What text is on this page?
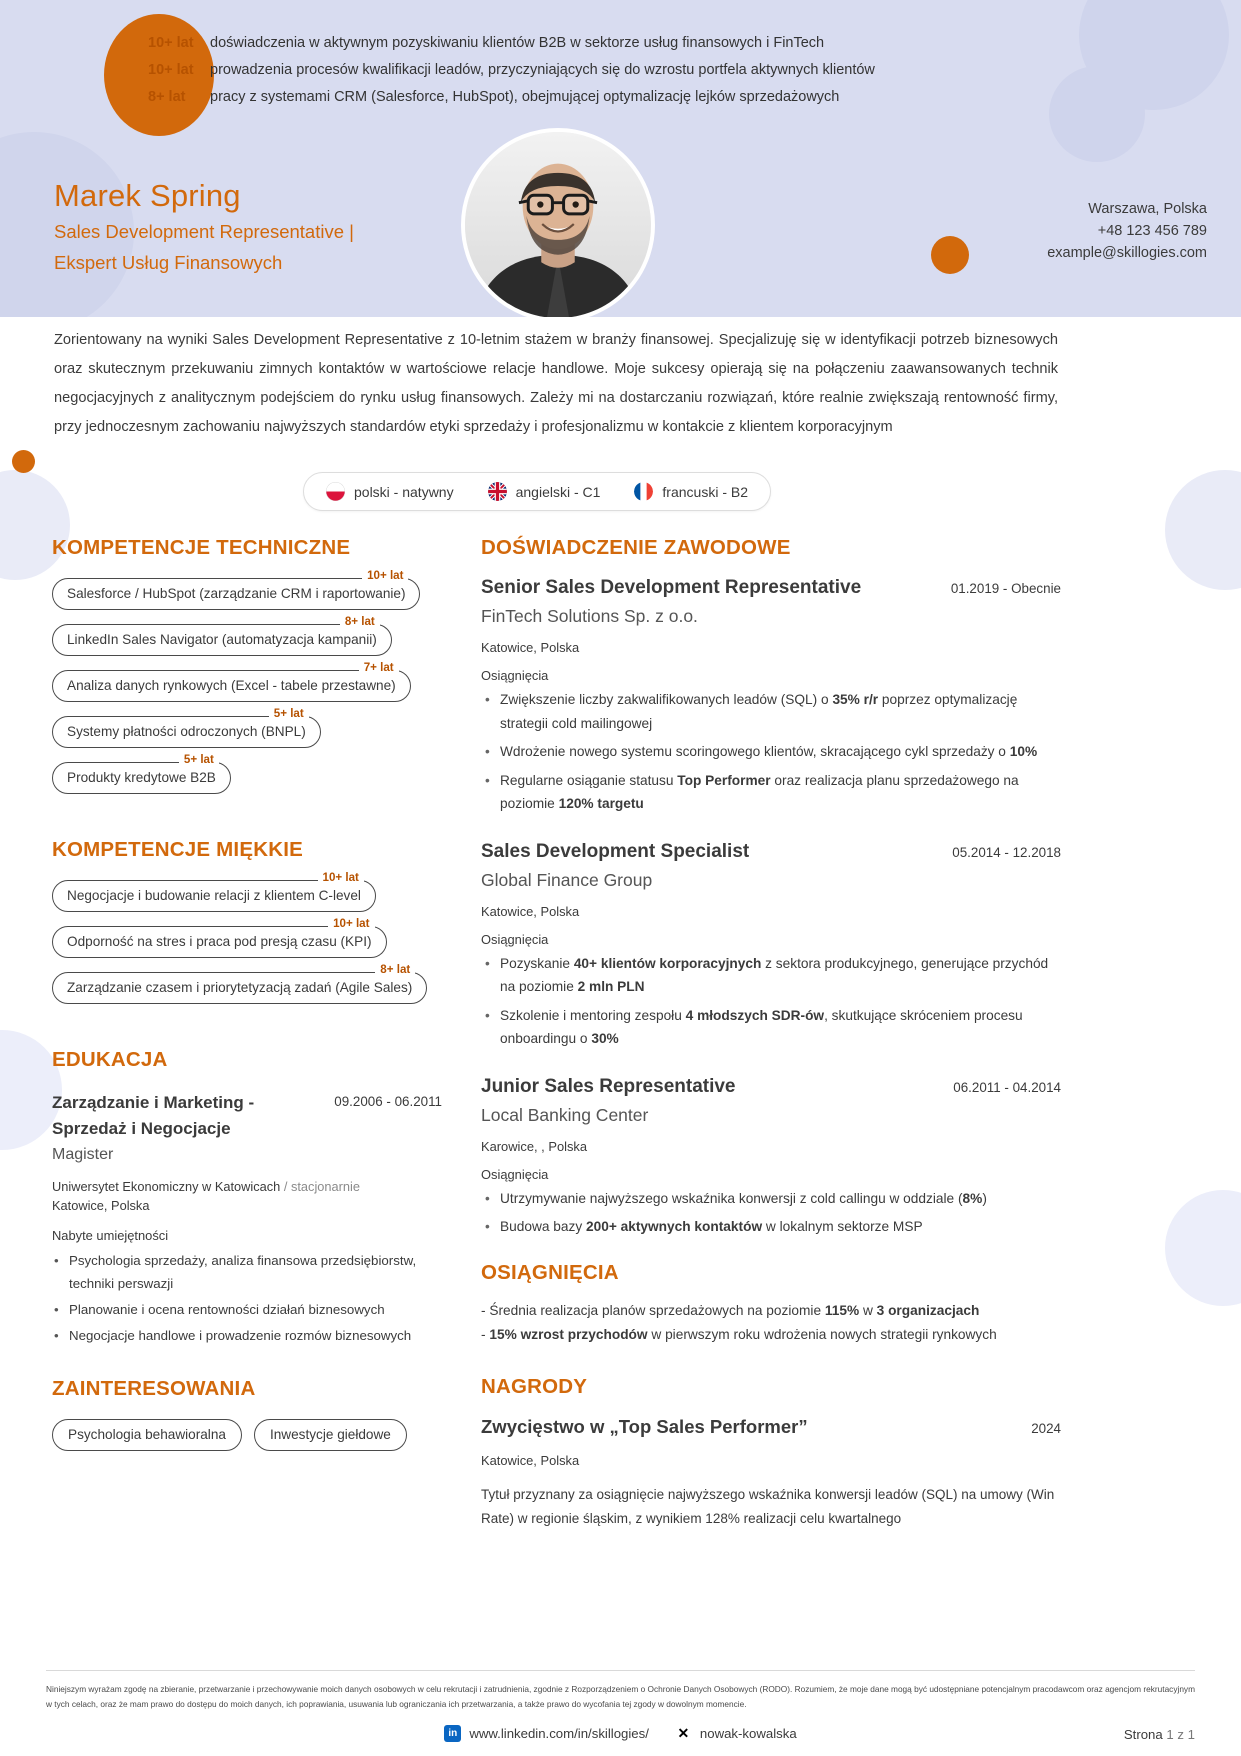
10+ lat	doświadczenia w aktywnym pozyskiwaniu klientów B2B w sektorze usług finansowych i FinTech
10+ lat	prowadzenia procesów kwalifikacji leadów, przyczyniających się do wzrostu portfela aktywnych klientów
8+ lat	pracy z systemami CRM (Salesforce, HubSpot), obejmującej optymalizację lejków sprzedażowych
Marek Spring
Sales Development Representative |
Ekspert Usług Finansowych
Warszawa, Polska
+48 123 456 789
example@skillogies.com

Zorientowany na wyniki Sales Development Representative z 10-letnim stażem w branży finansowej. Specjalizuję się w identyfikacji potrzeb biznesowych oraz skutecznym przekuwaniu zimnych kontaktów w wartościowe relacje handlowe. Moje sukcesy opierają się na połączeniu zaawansowanych technik negocjacyjnych z analitycznym podejściem do rynku usług finansowych. Zależy mi na dostarczaniu rozwiązań, które realnie zwiększają rentowność firmy, przy jednoczesnym zachowaniu najwyższych standardów etyki sprzedaży i profesjonalizmu w kontakcie z klientem korporacyjnym

polski - natywny	angielski - C1	francuski - B2
KOMPETENCJE TECHNICZNE
10+ lat
Salesforce / HubSpot (zarządzanie CRM i raportowanie)

8+ lat
LinkedIn Sales Navigator (automatyzacja kampanii)

7+ lat
Analiza danych rynkowych (Excel - tabele przestawne)

5+ lat
Systemy płatności odroczonych (BNPL)

5+ lat
Produkty kredytowe B2B
KOMPETENCJE MIĘKKIE
10+ lat
Negocjacje i budowanie relacji z klientem C-level

10+ lat
Odporność na stres i praca pod presją czasu (KPI)

8+ lat
Zarządzanie czasem i priorytetyzacją zadań (Agile Sales)
EDUKACJA
Zarządzanie i Marketing - Sprzedaż i Negocjacje
09.2006 - 06.2011
Magister
Uniwersytet Ekonomiczny w Katowicach / stacjonarnie
Katowice, Polska
Nabyte umiejętności
• Psychologia sprzedaży, analiza finansowa przedsiębiorstw, techniki perswazji
• Planowanie i ocena rentowności działań biznesowych
• Negocjacje handlowe i prowadzenie rozmów biznesowych
ZAINTERESOWANIA
Psychologia behawioralna	Inwestycje giełdowe
DOŚWIADCZENIE ZAWODOWE
Senior Sales Development Representative	01.2019 - Obecnie
FinTech Solutions Sp. z o.o.
Katowice, Polska
Osiągnięcia
• Zwiększenie liczby zakwalifikowanych leadów (SQL) o 35% r/r poprzez optymalizację strategii cold mailingowej
• Wdrożenie nowego systemu scoringowego klientów, skracającego cykl sprzedaży o 10%
• Regularne osiąganie statusu Top Performer oraz realizacja planu sprzedażowego na poziomie 120% targetu
Sales Development Specialist	05.2014 - 12.2018
Global Finance Group
Katowice, Polska
Osiągnięcia
• Pozyskanie 40+ klientów korporacyjnych z sektora produkcyjnego, generujące przychód na poziomie 2 mln PLN
• Szkolenie i mentoring zespołu 4 młodszych SDR-ów, skutkujące skróceniem procesu onboardingu o 30%
Junior Sales Representative	06.2011 - 04.2014
Local Banking Center
Karowice, , Polska
Osiągnięcia
• Utrzymywanie najwyższego wskaźnika konwersji z cold callingu w oddziale (8%)
• Budowa bazy 200+ aktywnych kontaktów w lokalnym sektorze MSP
OSIĄGNIĘCIA
- Średnia realizacja planów sprzedażowych na poziomie 115% w 3 organizacjach
- 15% wzrost przychodów w pierwszym roku wdrożenia nowych strategii rynkowych
NAGRODY
Zwycięstwo w „Top Sales Performer”	2024
Katowice, Polska
Tytuł przyznany za osiągnięcie najwyższego wskaźnika konwersji leadów (SQL) na umowy (Win Rate) w regionie śląskim, z wynikiem 128% realizacji celu kwartalnego
Niniejszym wyrażam zgodę na zbieranie, przetwarzanie i przechowywanie moich danych osobowych w celu rekrutacji i zatrudnienia, zgodnie z Rozporządzeniem o Ochronie Danych Osobowych (RODO). Rozumiem, że moje dane mogą być udostępniane potencjalnym pracodawcom oraz agencjom rekrutacyjnym w tych celach, oraz że mam prawo do dostępu do moich danych, ich poprawiania, usuwania lub ograniczania ich przetwarzania, a także prawo do wycofania tej zgody w dowolnym momencie.
in www.linkedin.com/in/skillogies/ ✕ nowak-kowalska	Strona 1 z 1
